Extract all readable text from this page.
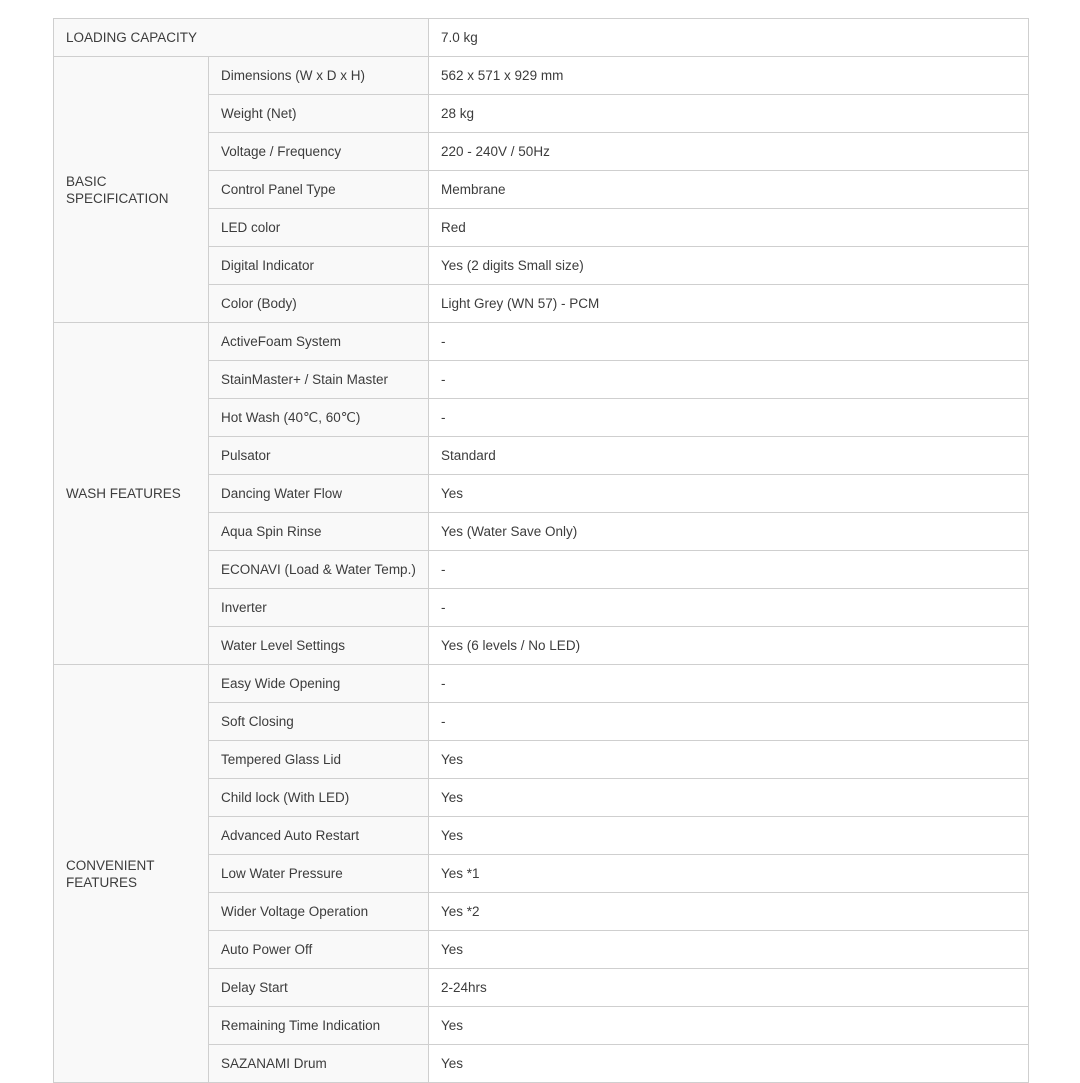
LOADING CAPACITY		7.0 kg
BASIC SPECIFICATION	Dimensions (W x D x H)	562 x 571 x 929 mm
	Weight (Net)	28 kg
	Voltage / Frequency	220 - 240V / 50Hz
	Control Panel Type	Membrane
	LED color	Red
	Digital Indicator	Yes (2 digits Small size)
	Color (Body)	Light Grey (WN 57) - PCM
WASH FEATURES	ActiveFoam System	-
	StainMaster+ / Stain Master	-
	Hot Wash (40℃, 60℃)	-
	Pulsator	Standard
	Dancing Water Flow	Yes
	Aqua Spin Rinse	Yes (Water Save Only)
	ECONAVI (Load & Water Temp.)	-
	Inverter	-
	Water Level Settings	Yes (6 levels / No LED)
CONVENIENT FEATURES	Easy Wide Opening	-
	Soft Closing	-
	Tempered Glass Lid	Yes
	Child lock (With LED)	Yes
	Advanced Auto Restart	Yes
	Low Water Pressure	Yes *1
	Wider Voltage Operation	Yes *2
	Auto Power Off	Yes
	Delay Start	2-24hrs
	Remaining Time Indication	Yes
	SAZANAMI Drum	Yes
